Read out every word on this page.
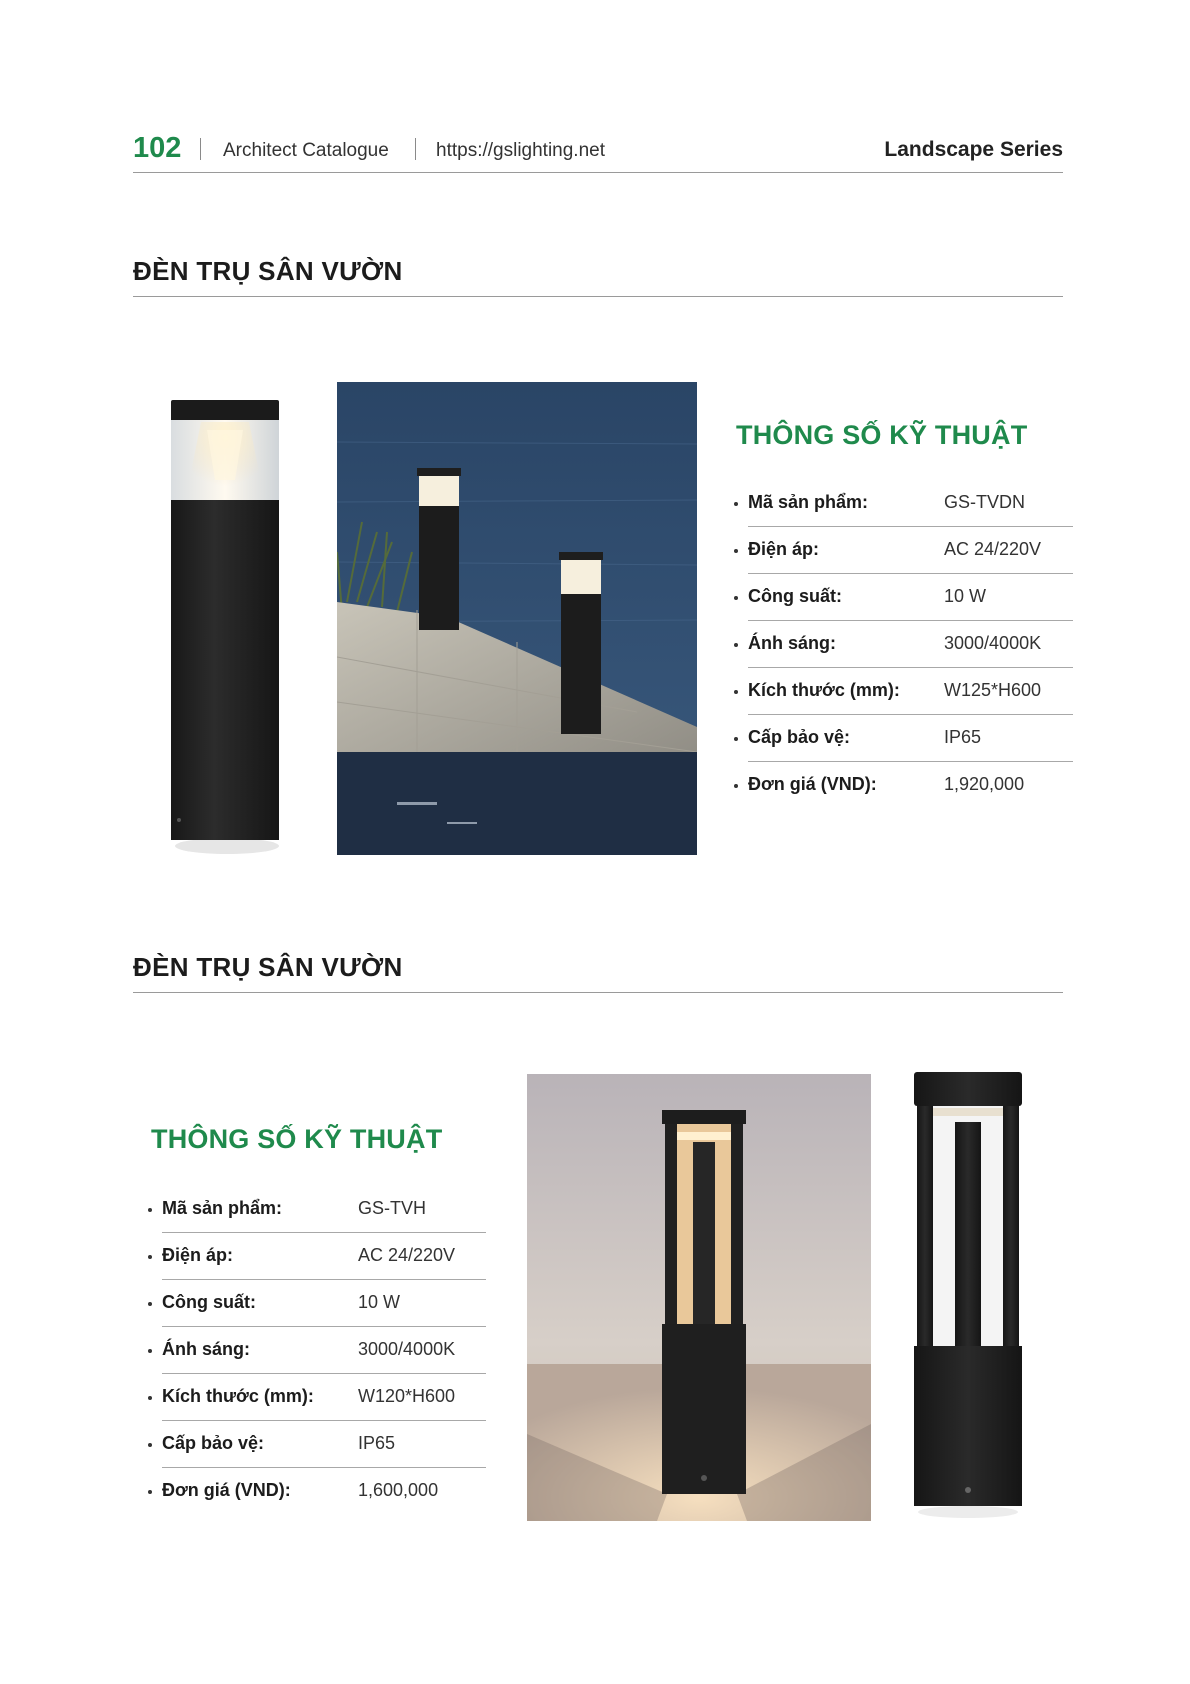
102 Architect Catalogue https://gslighting.net	Landscape Series
ĐÈN TRỤ SÂN VƯỜN
THÔNG SỐ KỸ THUẬT
Mã sản phẩm:	GS-TVDN
Điện áp:	AC 24/220V
Công suất:	10 W
Ánh sáng:	3000/4000K
Kích thước (mm): W125*H600
Cấp bảo vệ:	IP65
Đơn giá (VND):	1,920,000
ĐÈN TRỤ SÂN VƯỜN
THÔNG SỐ KỸ THUẬT
Mã sản phẩm:	GS-TVH
Điện áp:	AC 24/220V
Công suất:	10 W
Ánh sáng:	3000/4000K
Kích thước (mm): W120*H600
Cấp bảo vệ:	IP65
Đơn giá (VND):	1,600,000
